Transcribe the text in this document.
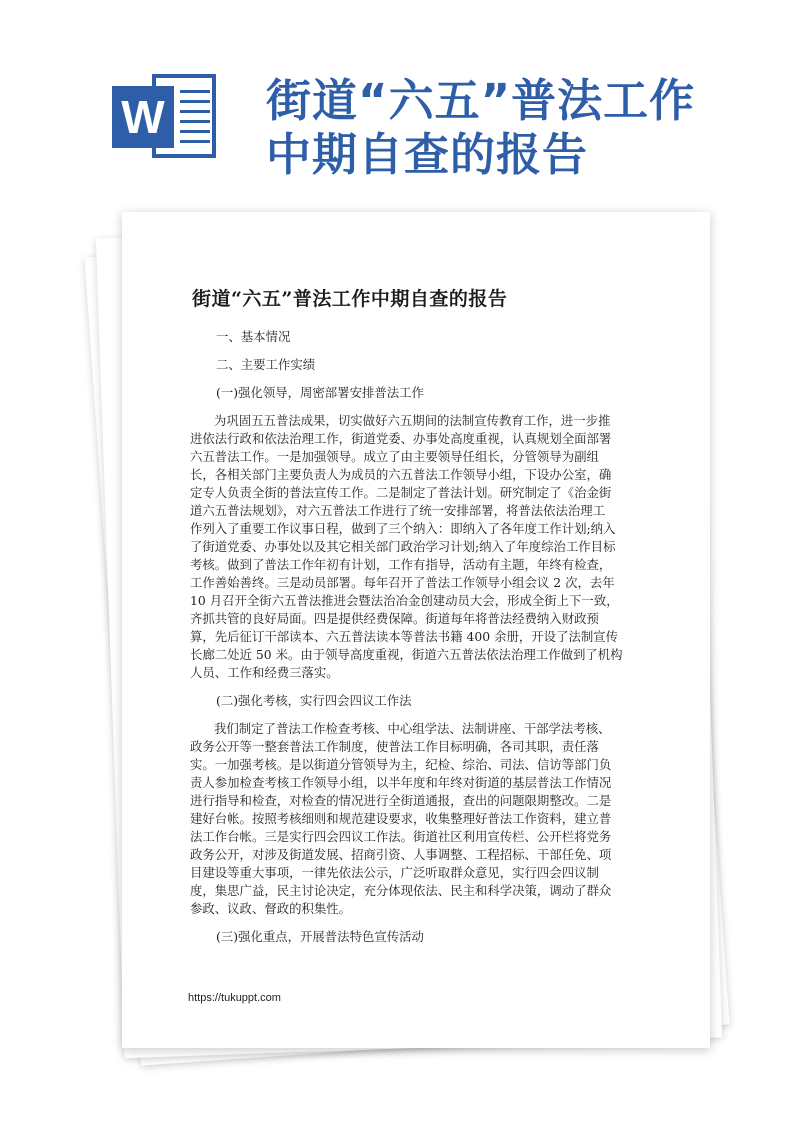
W 街道“六五”普法工作
中期自查的报告
街道“六五”普法工作中期自查的报告

一、基本情况

二、主要工作实绩

(一)强化领导，周密部署安排普法工作

为巩固五五普法成果，切实做好六五期间的法制宣传教育工作，进一步推

进依法行政和依法治理工作，街道党委、办事处高度重视，认真规划全面部署

六五普法工作。一是加强领导。成立了由主要领导任组长，分管领导为副组

长，各相关部门主要负责人为成员的六五普法工作领导小组，下设办公室，确

定专人负责全街的普法宣传工作。二是制定了普法计划。研究制定了《治金街

道六五普法规划》，对六五普法工作进行了统一安排部署，将普法依法治理工

作列入了重要工作议事日程，做到了三个纳入：即纳入了各年度工作计划;纳入

了街道党委、办事处以及其它相关部门政治学习计划;纳入了年度综治工作目标

考核。做到了普法工作年初有计划，工作有指导，活动有主题，年终有检查，

工作善始善终。三是动员部署。每年召开了普法工作领导小组会议 2 次，去年

10 月召开全街六五普法推进会暨法治冶金创建动员大会，形成全街上下一致，

齐抓共管的良好局面。四是提供经费保障。街道每年将普法经费纳入财政预

算，先后征订干部读本、六五普法读本等普法书籍 400 余册，开设了法制宣传

长廊二处近 50 米。由于领导高度重视，街道六五普法依法治理工作做到了机构

人员、工作和经费三落实。

(二)强化考核，实行四会四议工作法

我们制定了普法工作检查考核、中心组学法、法制讲座、干部学法考核、

政务公开等一整套普法工作制度，使普法工作目标明确，各司其职，责任落

实。一加强考核。是以街道分管领导为主，纪检、综治、司法、信访等部门负

责人参加检查考核工作领导小组，以半年度和年终对街道的基层普法工作情况

进行指导和检查，对检查的情况进行全街道通报，查出的问题限期整改。二是

建好台帐。按照考核细则和规范建设要求，收集整理好普法工作资料，建立普

法工作台帐。三是实行四会四议工作法。街道社区利用宣传栏、公开栏将党务

政务公开，对涉及街道发展、招商引资、人事调整、工程招标、干部任免、项

目建设等重大事项，一律先依法公示，广泛听取群众意见，实行四会四议制

度，集思广益，民主讨论决定，充分体现依法、民主和科学决策，调动了群众

参政、议政、督政的积集性。

(三)强化重点，开展普法特色宣传活动

https://tukuppt.com
